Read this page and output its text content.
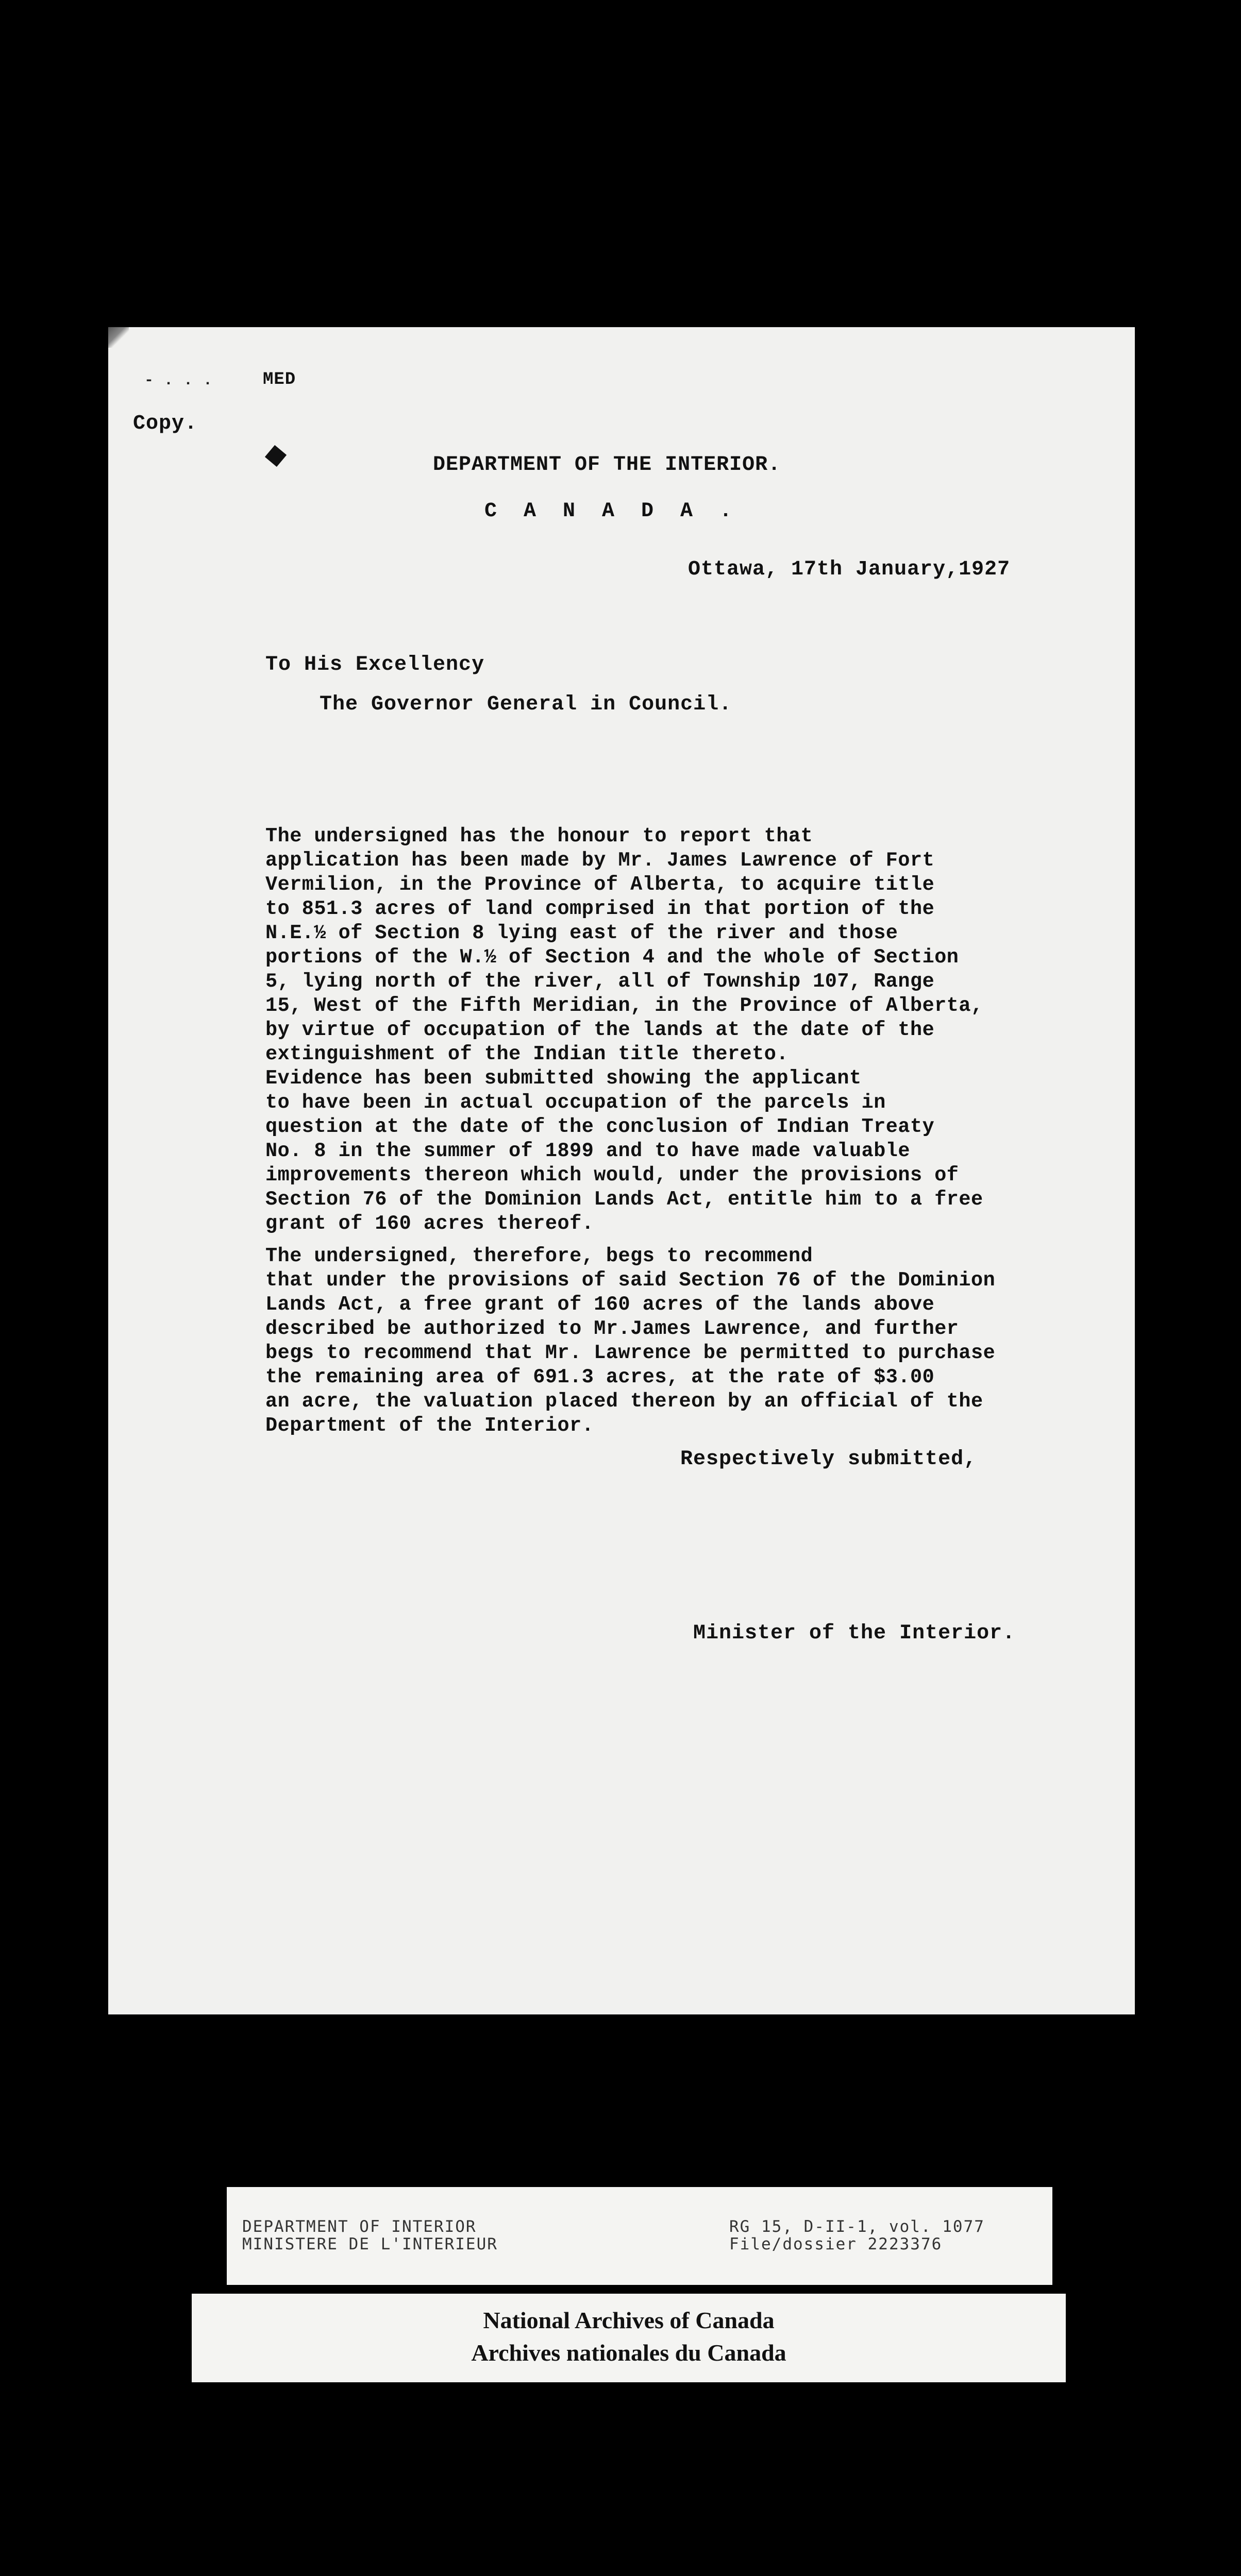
- . . .	MED
Copy.
DEPARTMENT OF THE INTERIOR.
C A N A D A .
Ottawa, 17th January,1927
To His Excellency
The Governor General in Council.
The undersigned has the honour to report that
application has been made by Mr. James Lawrence of Fort
Vermilion, in the Province of Alberta, to acquire title
to 851.3 acres of land comprised in that portion of the
N.E.½ of Section 8 lying east of the river and those
portions of the W.½ of Section 4 and the whole of Section
5, lying north of the river, all of Township 107, Range
15, West of the Fifth Meridian, in the Province of Alberta,
by virtue of occupation of the lands at the date of the
extinguishment of the Indian title thereto.
Evidence has been submitted showing the applicant
to have been in actual occupation of the parcels in
question at the date of the conclusion of Indian Treaty
No. 8 in the summer of 1899 and to have made valuable
improvements thereon which would, under the provisions of
Section 76 of the Dominion Lands Act, entitle him to a free
grant of 160 acres thereof.
The undersigned, therefore, begs to recommend
that under the provisions of said Section 76 of the Dominion
Lands Act, a free grant of 160 acres of the lands above
described be authorized to Mr.James Lawrence, and further
begs to recommend that Mr. Lawrence be permitted to purchase
the remaining area of 691.3 acres, at the rate of $3.00
an acre, the valuation placed thereon by an official of the
Department of the Interior.
Respectively submitted,
Minister of the Interior.
DEPARTMENT OF INTERIOR
MINISTERE DE L'INTERIEUR
RG 15, D-II-1, vol. 1077
File/dossier 2223376
National Archives of Canada
Archives nationales du Canada
